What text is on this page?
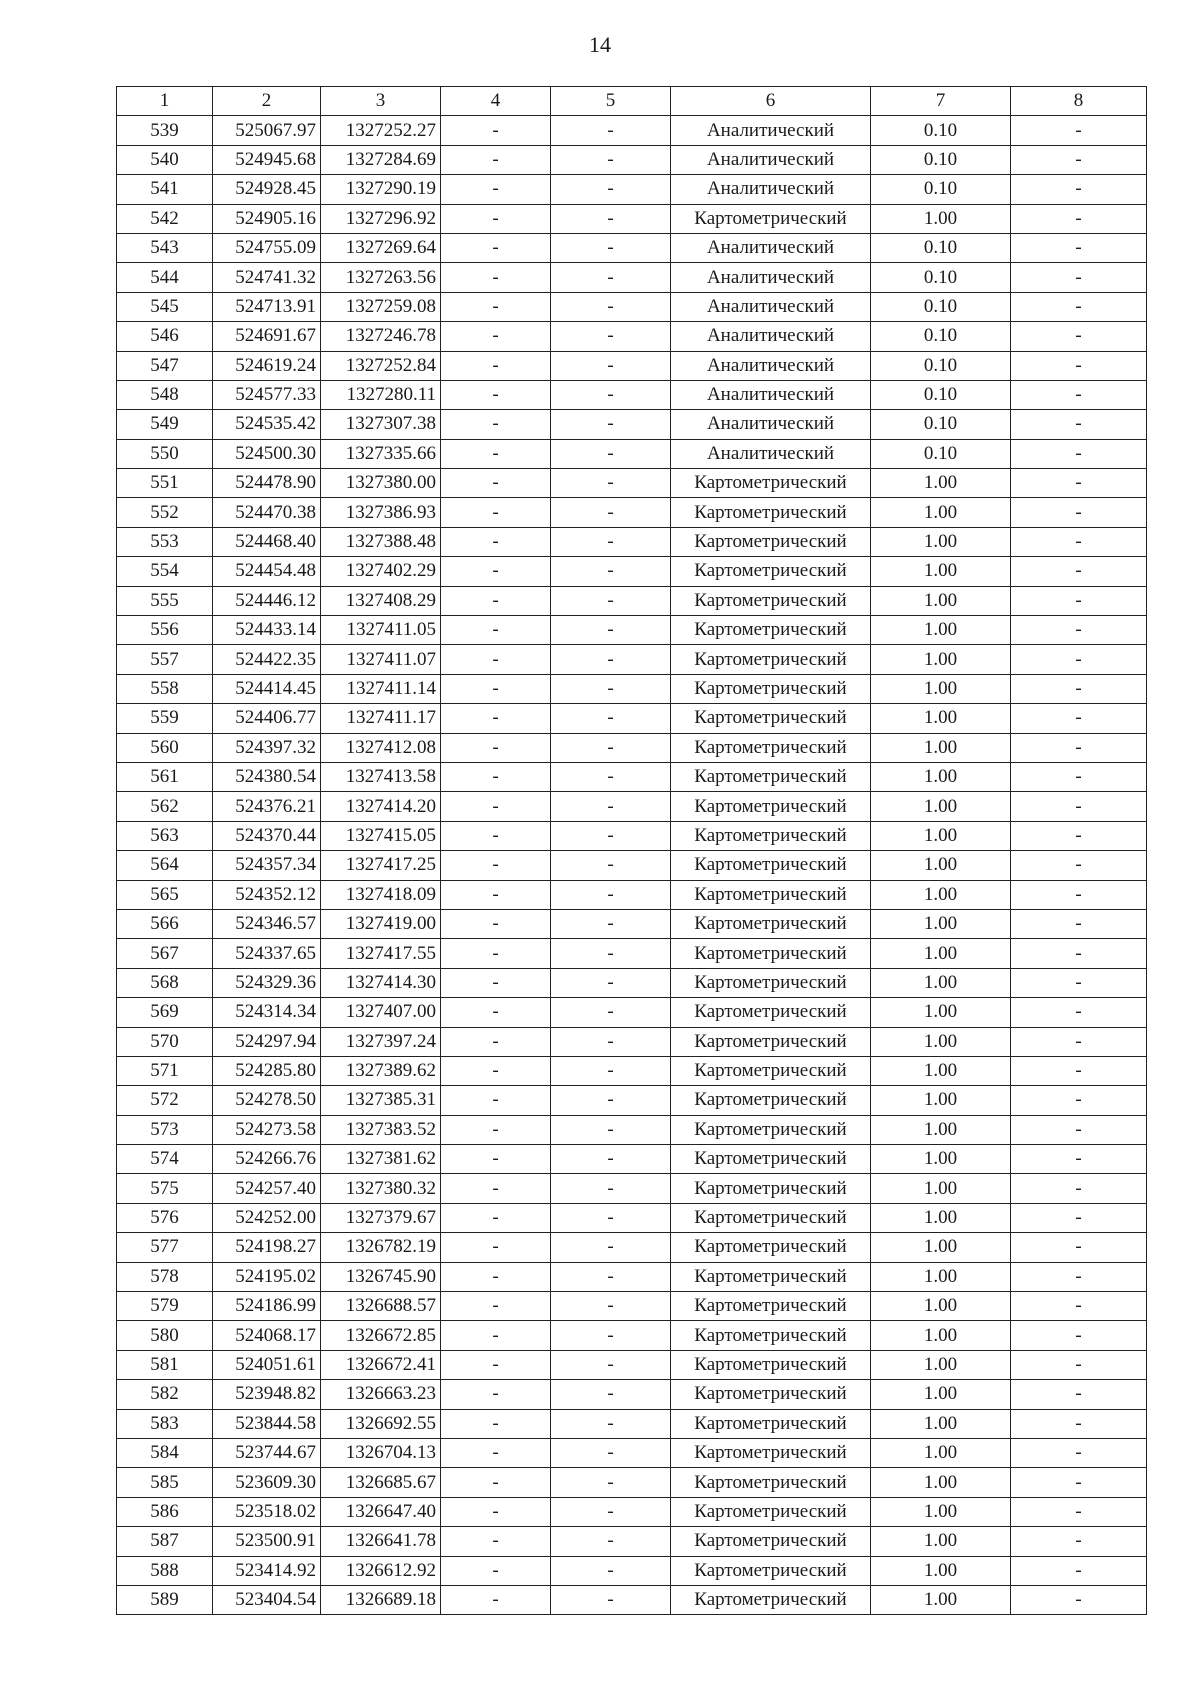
14
1	2	3	4	5	6	7	8
539	525067.97	1327252.27	-	-	Аналитический	0.10	-
540	524945.68	1327284.69	-	-	Аналитический	0.10	-
541	524928.45	1327290.19	-	-	Аналитический	0.10	-
542	524905.16	1327296.92	-	-	Картометрический	1.00	-
543	524755.09	1327269.64	-	-	Аналитический	0.10	-
544	524741.32	1327263.56	-	-	Аналитический	0.10	-
545	524713.91	1327259.08	-	-	Аналитический	0.10	-
546	524691.67	1327246.78	-	-	Аналитический	0.10	-
547	524619.24	1327252.84	-	-	Аналитический	0.10	-
548	524577.33	1327280.11	-	-	Аналитический	0.10	-
549	524535.42	1327307.38	-	-	Аналитический	0.10	-
550	524500.30	1327335.66	-	-	Аналитический	0.10	-
551	524478.90	1327380.00	-	-	Картометрический	1.00	-
552	524470.38	1327386.93	-	-	Картометрический	1.00	-
553	524468.40	1327388.48	-	-	Картометрический	1.00	-
554	524454.48	1327402.29	-	-	Картометрический	1.00	-
555	524446.12	1327408.29	-	-	Картометрический	1.00	-
556	524433.14	1327411.05	-	-	Картометрический	1.00	-
557	524422.35	1327411.07	-	-	Картометрический	1.00	-
558	524414.45	1327411.14	-	-	Картометрический	1.00	-
559	524406.77	1327411.17	-	-	Картометрический	1.00	-
560	524397.32	1327412.08	-	-	Картометрический	1.00	-
561	524380.54	1327413.58	-	-	Картометрический	1.00	-
562	524376.21	1327414.20	-	-	Картометрический	1.00	-
563	524370.44	1327415.05	-	-	Картометрический	1.00	-
564	524357.34	1327417.25	-	-	Картометрический	1.00	-
565	524352.12	1327418.09	-	-	Картометрический	1.00	-
566	524346.57	1327419.00	-	-	Картометрический	1.00	-
567	524337.65	1327417.55	-	-	Картометрический	1.00	-
568	524329.36	1327414.30	-	-	Картометрический	1.00	-
569	524314.34	1327407.00	-	-	Картометрический	1.00	-
570	524297.94	1327397.24	-	-	Картометрический	1.00	-
571	524285.80	1327389.62	-	-	Картометрический	1.00	-
572	524278.50	1327385.31	-	-	Картометрический	1.00	-
573	524273.58	1327383.52	-	-	Картометрический	1.00	-
574	524266.76	1327381.62	-	-	Картометрический	1.00	-
575	524257.40	1327380.32	-	-	Картометрический	1.00	-
576	524252.00	1327379.67	-	-	Картометрический	1.00	-
577	524198.27	1326782.19	-	-	Картометрический	1.00	-
578	524195.02	1326745.90	-	-	Картометрический	1.00	-
579	524186.99	1326688.57	-	-	Картометрический	1.00	-
580	524068.17	1326672.85	-	-	Картометрический	1.00	-
581	524051.61	1326672.41	-	-	Картометрический	1.00	-
582	523948.82	1326663.23	-	-	Картометрический	1.00	-
583	523844.58	1326692.55	-	-	Картометрический	1.00	-
584	523744.67	1326704.13	-	-	Картометрический	1.00	-
585	523609.30	1326685.67	-	-	Картометрический	1.00	-
586	523518.02	1326647.40	-	-	Картометрический	1.00	-
587	523500.91	1326641.78	-	-	Картометрический	1.00	-
588	523414.92	1326612.92	-	-	Картометрический	1.00	-
589	523404.54	1326689.18	-	-	Картометрический	1.00	-
